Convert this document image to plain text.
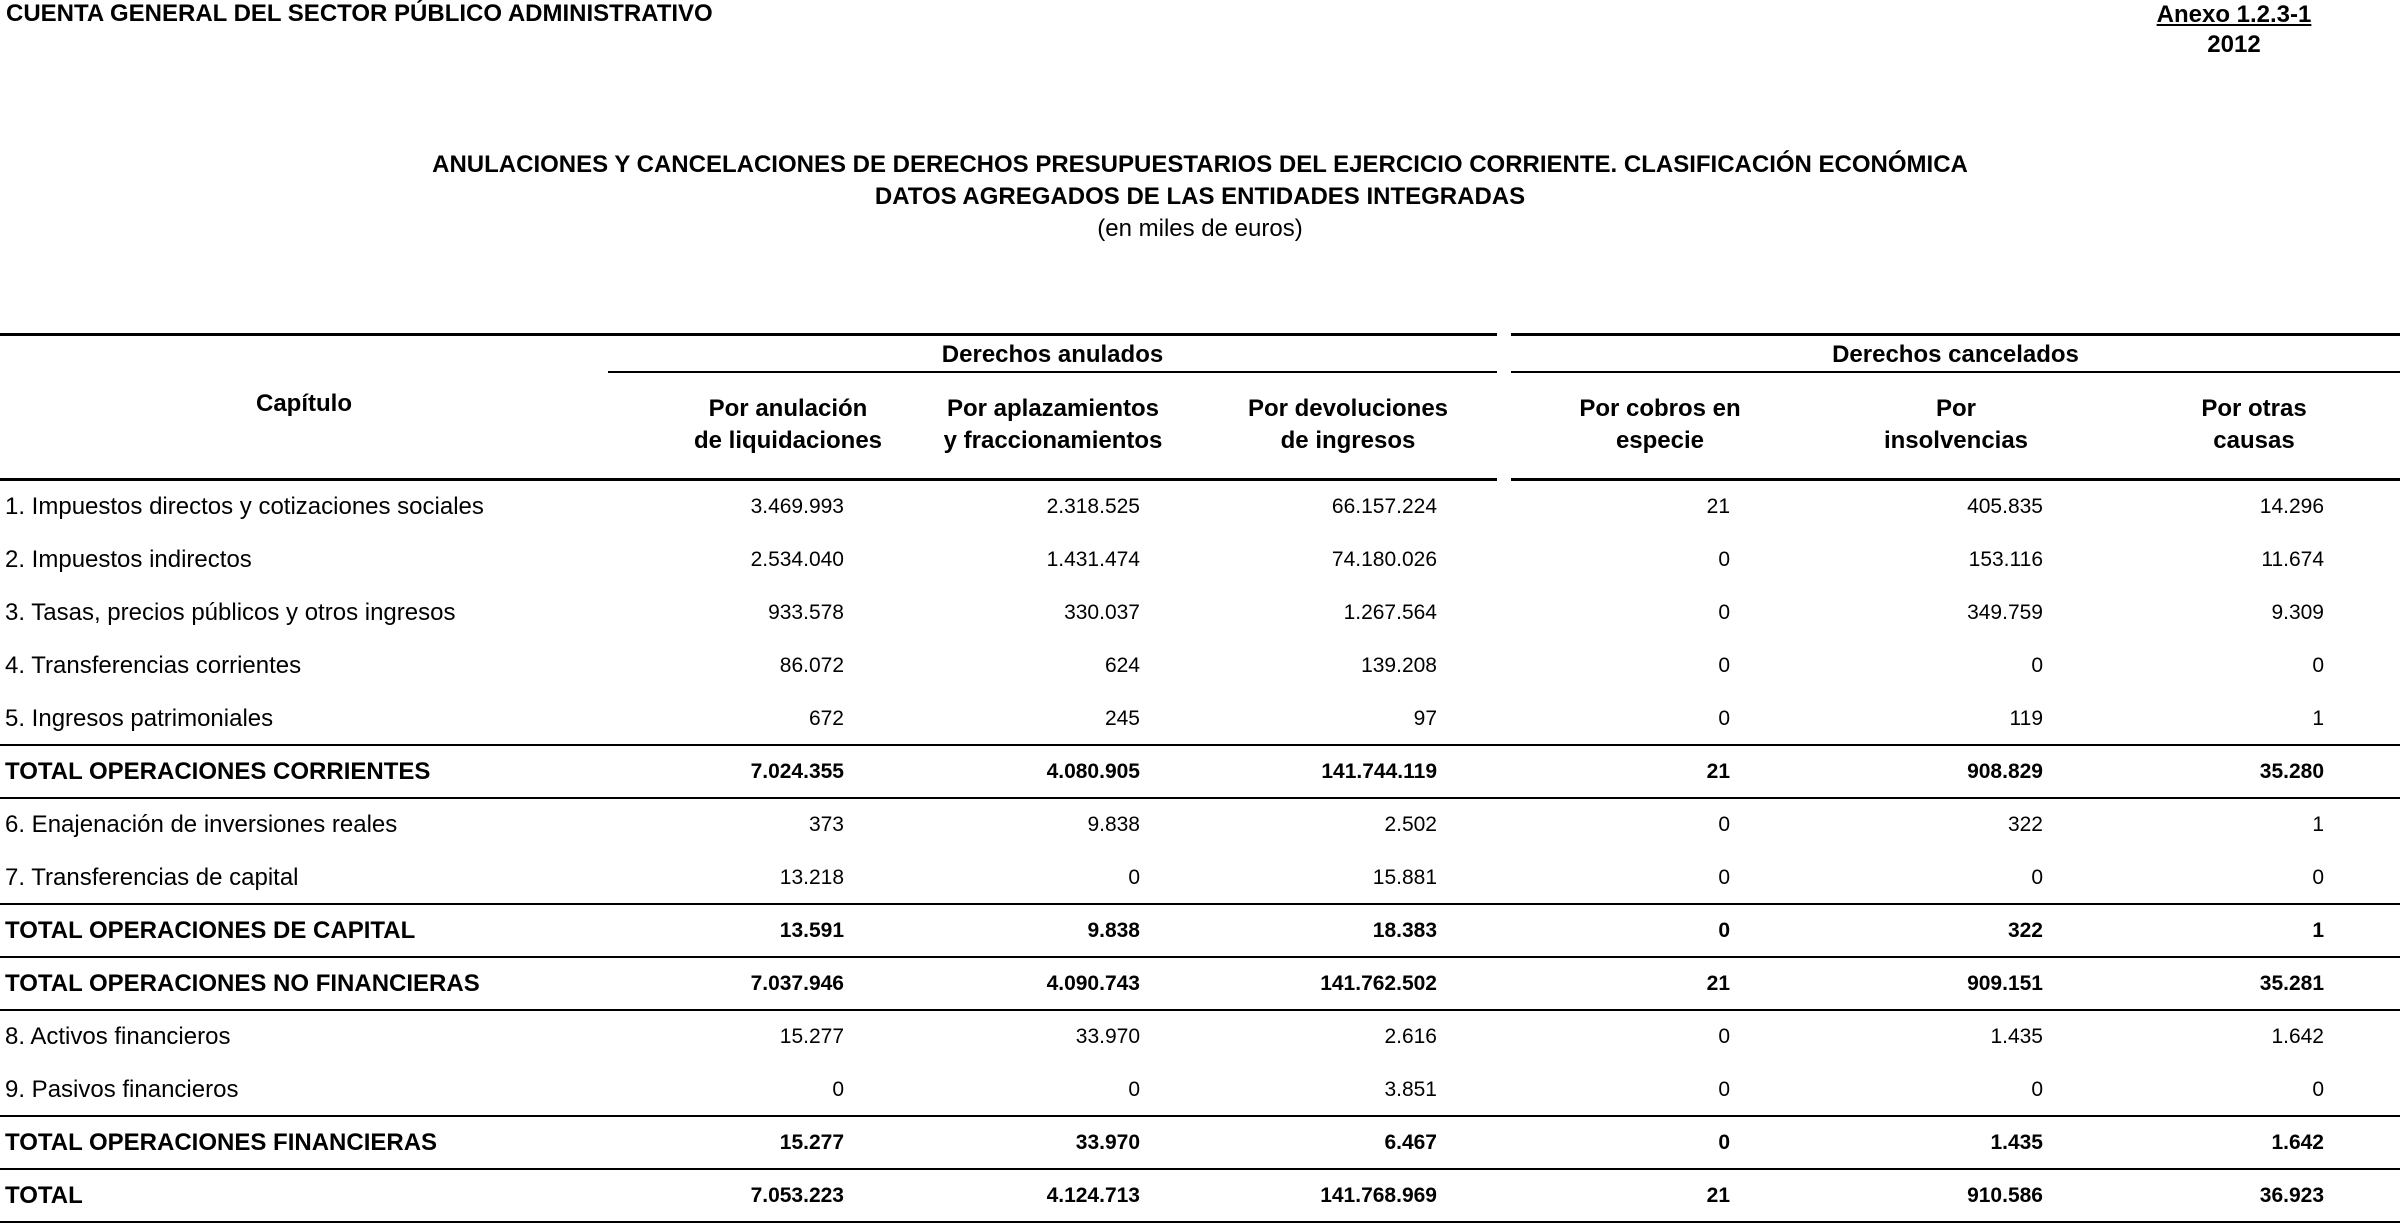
CUENTA GENERAL DEL SECTOR PÚBLICO ADMINISTRATIVO	Anexo 1.2.3-1
2012
ANULACIONES Y CANCELACIONES DE DERECHOS PRESUPUESTARIOS DEL EJERCICIO CORRIENTE. CLASIFICACIÓN ECONÓMICA
DATOS AGREGADOS DE LAS ENTIDADES INTEGRADAS
(en miles de euros)
Capítulo
Derechos anulados	Derechos cancelados
Por anulación
de liquidaciones
Por aplazamientos
y fraccionamientos
Por devoluciones
de ingresos
Por cobros en
especie
Por
insolvencias
Por otras
causas
1. Impuestos directos y cotizaciones sociales	3.469.993	2.318.525	66.157.224	21	405.835	14.296
2. Impuestos indirectos	2.534.040	1.431.474	74.180.026	0	153.116	11.674
3. Tasas, precios públicos y otros ingresos	933.578	330.037	1.267.564	0	349.759	9.309
4. Transferencias corrientes	86.072	624	139.208	0	0	0
5. Ingresos patrimoniales	672	245	97	0	119	1
TOTAL OPERACIONES CORRIENTES	7.024.355	4.080.905	141.744.119	21	908.829	35.280
6. Enajenación de inversiones reales	373	9.838	2.502	0	322	1
7. Transferencias de capital	13.218	0	15.881	0	0	0
TOTAL OPERACIONES DE CAPITAL	13.591	9.838	18.383	0	322	1
TOTAL OPERACIONES NO FINANCIERAS	7.037.946	4.090.743	141.762.502	21	909.151	35.281
8. Activos financieros	15.277	33.970	2.616	0	1.435	1.642
9. Pasivos financieros	0	0	3.851	0	0	0
TOTAL OPERACIONES FINANCIERAS	15.277	33.970	6.467	0	1.435	1.642
TOTAL	7.053.223	4.124.713	141.768.969	21	910.586	36.923
